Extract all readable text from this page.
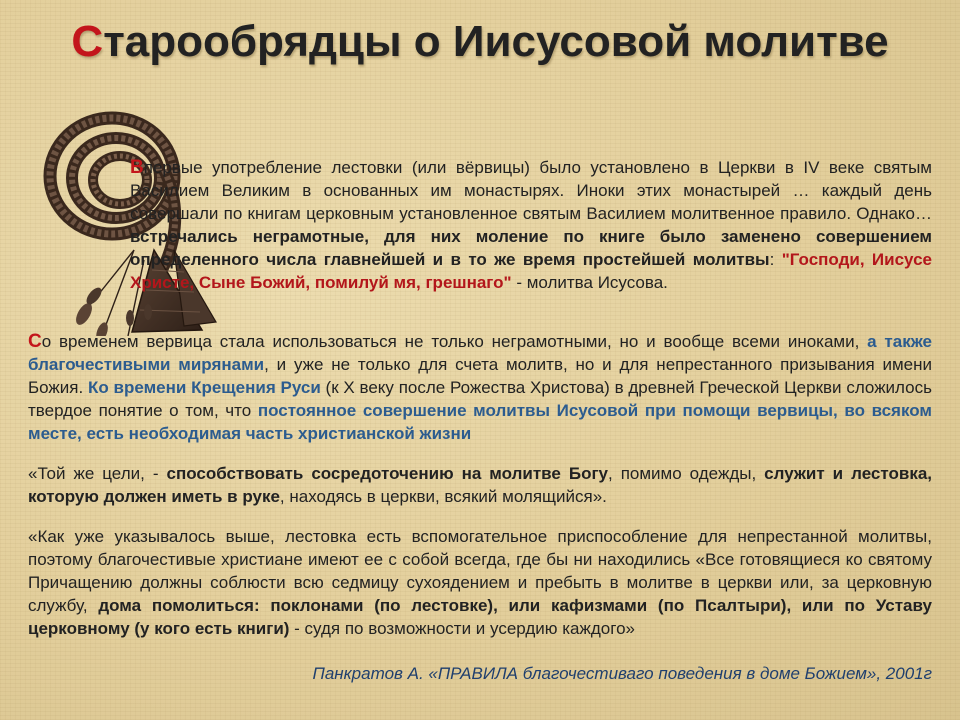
Старообрядцы о Иисусовой молитве

Впервые употребление лестовки (или вёрвицы) было установлено в Церкви в IV веке святым Василием Великим в основанных им монастырях. Иноки этих монастырей … каждый день совершали по книгам церковным установленное святым Василием молитвенное правило. Однако… встречались неграмотные, для них моление по книге было заменено совершением определенного числа главнейшей и в то же время простейшей молитвы: "Господи, Иисусе Христе, Сыне Божий, помилуй мя, грешнаго" - молитва Исусова.

Со временем вервица стала использоваться не только неграмотными, но и вообще всеми иноками, а также благочестивыми мирянами, и уже не только для счета молитв, но и для непрестанного призывания имени Божия. Ко времени Крещения Руси (к X веку после Рожества Христова) в древней Греческой Церкви сложилось твердое понятие о том, что постоянное совершение молитвы Исусовой при помощи вервицы, во всяком месте, есть необходимая часть христианской жизни

«Той же цели, - способствовать сосредоточению на молитве Богу, помимо одежды, служит и лестовка, которую должен иметь в руке, находясь в церкви, всякий молящийся».

«Как уже указывалось выше, лестовка есть вспомогательное приспособление для непрестанной молитвы, поэтому благочестивые христиане имеют ее с собой всегда, где бы ни находились «Все готовящиеся ко святому Причащению должны соблюсти всю седмицу сухоядением и пребыть в молитве в церкви или, за церковную службу, дома помолиться: поклонами (по лестовке), или кафизмами (по Псалтыри), или по Уставу церковному (у кого есть книги) - судя по возможности и усердию каждого»

Панкратов А. «ПРАВИЛА благочестиваго поведения в доме Божием», 2001г
